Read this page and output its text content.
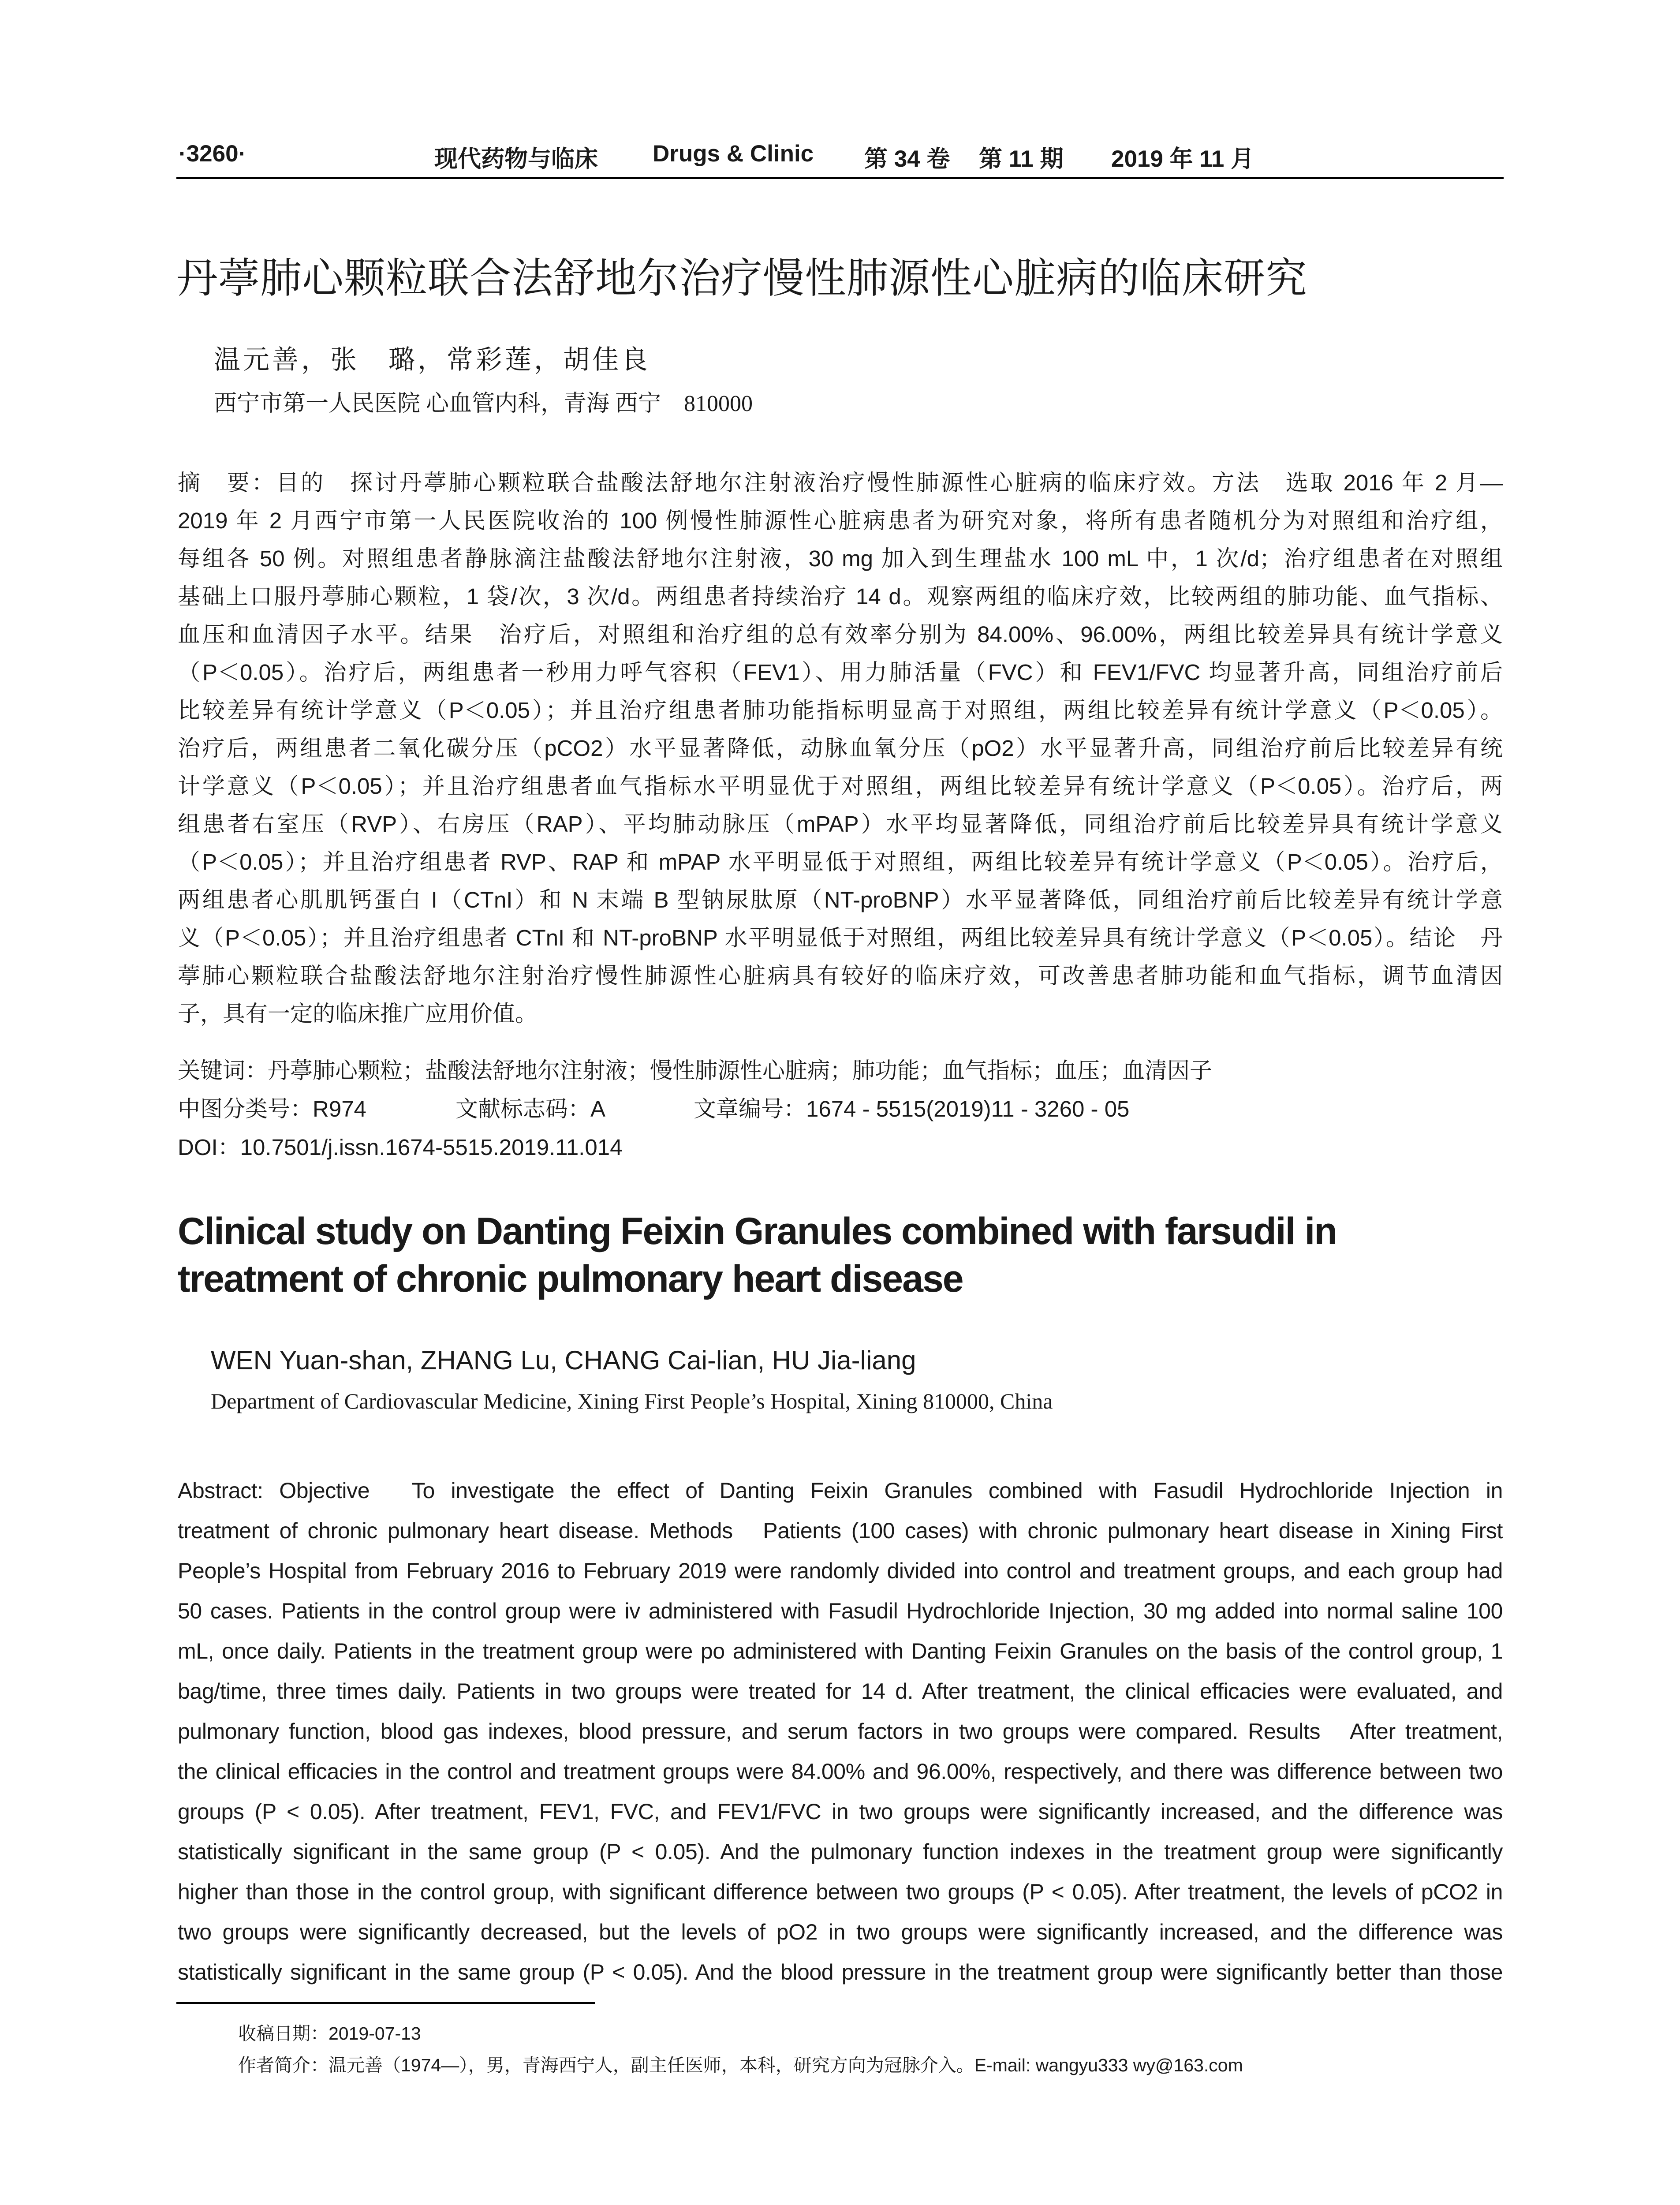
·3260·	现代药物与临床 Drugs & Clinic 第 34 卷 第 11 期 2019 年 11 月
丹葶肺心颗粒联合法舒地尔治疗慢性肺源性心脏病的临床研究
温元善，张　璐，常彩莲，胡佳良
西宁市第一人民医院 心血管内科，青海 西宁　810000
摘　要：目的　探讨丹葶肺心颗粒联合盐酸法舒地尔注射液治疗慢性肺源性心脏病的临床疗效。方法　选取 2016 年 2 月—
2019 年 2 月西宁市第一人民医院收治的 100 例慢性肺源性心脏病患者为研究对象，将所有患者随机分为对照组和治疗组，
每组各 50 例。对照组患者静脉滴注盐酸法舒地尔注射液，30 mg 加入到生理盐水 100 mL 中，1 次/d；治疗组患者在对照组
基础上口服丹葶肺心颗粒，1 袋/次，3 次/d。两组患者持续治疗 14 d。观察两组的临床疗效，比较两组的肺功能、血气指标、
血压和血清因子水平。结果　治疗后，对照组和治疗组的总有效率分别为 84.00%、96.00%，两组比较差异具有统计学意义
（P＜0.05）。治疗后，两组患者一秒用力呼气容积（FEV1）、用力肺活量（FVC）和 FEV1/FVC 均显著升高，同组治疗前后
比较差异有统计学意义（P＜0.05）；并且治疗组患者肺功能指标明显高于对照组，两组比较差异有统计学意义（P＜0.05）。
治疗后，两组患者二氧化碳分压（pCO2）水平显著降低，动脉血氧分压（pO2）水平显著升高，同组治疗前后比较差异有统
计学意义（P＜0.05）；并且治疗组患者血气指标水平明显优于对照组，两组比较差异有统计学意义（P＜0.05）。治疗后，两
组患者右室压（RVP）、右房压（RAP）、平均肺动脉压（mPAP）水平均显著降低，同组治疗前后比较差异具有统计学意义
（P＜0.05）；并且治疗组患者 RVP、RAP 和 mPAP 水平明显低于对照组，两组比较差异有统计学意义（P＜0.05）。治疗后，
两组患者心肌肌钙蛋白 I（CTnI）和 N 末端 B 型钠尿肽原（NT-proBNP）水平显著降低，同组治疗前后比较差异有统计学意
义（P＜0.05）；并且治疗组患者 CTnI 和 NT-proBNP 水平明显低于对照组，两组比较差异具有统计学意义（P＜0.05）。结论　丹
葶肺心颗粒联合盐酸法舒地尔注射治疗慢性肺源性心脏病具有较好的临床疗效，可改善患者肺功能和血气指标，调节血清因
子，具有一定的临床推广应用价值。
关键词：丹葶肺心颗粒；盐酸法舒地尔注射液；慢性肺源性心脏病；肺功能；血气指标；血压；血清因子
中图分类号：R974	文献标志码：A	文章编号：1674 - 5515(2019)11 - 3260 - 05
DOI：10.7501/j.issn.1674-5515.2019.11.014
Clinical study on Danting Feixin Granules combined with farsudil in treatment of chronic pulmonary heart disease
WEN Yuan-shan, ZHANG Lu, CHANG Cai-lian, HU Jia-liang
Department of Cardiovascular Medicine, Xining First People’s Hospital, Xining 810000, China
Abstract: Objective　To investigate the effect of Danting Feixin Granules combined with Fasudil Hydrochloride Injection in
treatment of chronic pulmonary heart disease. Methods　Patients (100 cases) with chronic pulmonary heart disease in Xining First
People’s Hospital from February 2016 to February 2019 were randomly divided into control and treatment groups, and each group had
50 cases. Patients in the control group were iv administered with Fasudil Hydrochloride Injection, 30 mg added into normal saline 100
mL, once daily. Patients in the treatment group were po administered with Danting Feixin Granules on the basis of the control group, 1
bag/time, three times daily. Patients in two groups were treated for 14 d. After treatment, the clinical efficacies were evaluated, and
pulmonary function, blood gas indexes, blood pressure, and serum factors in two groups were compared. Results　After treatment,
the clinical efficacies in the control and treatment groups were 84.00% and 96.00%, respectively, and there was difference between two
groups (P < 0.05). After treatment, FEV1, FVC, and FEV1/FVC in two groups were significantly increased, and the difference was
statistically significant in the same group (P < 0.05). And the pulmonary function indexes in the treatment group were significantly
higher than those in the control group, with significant difference between two groups (P < 0.05). After treatment, the levels of pCO2 in
two groups were significantly decreased, but the levels of pO2 in two groups were significantly increased, and the difference was
statistically significant in the same group (P < 0.05). And the blood pressure in the treatment group were significantly better than those
收稿日期：2019-07-13
作者简介：温元善（1974—），男，青海西宁人，副主任医师，本科，研究方向为冠脉介入。E-mail: wangyu333 wy@163.com
